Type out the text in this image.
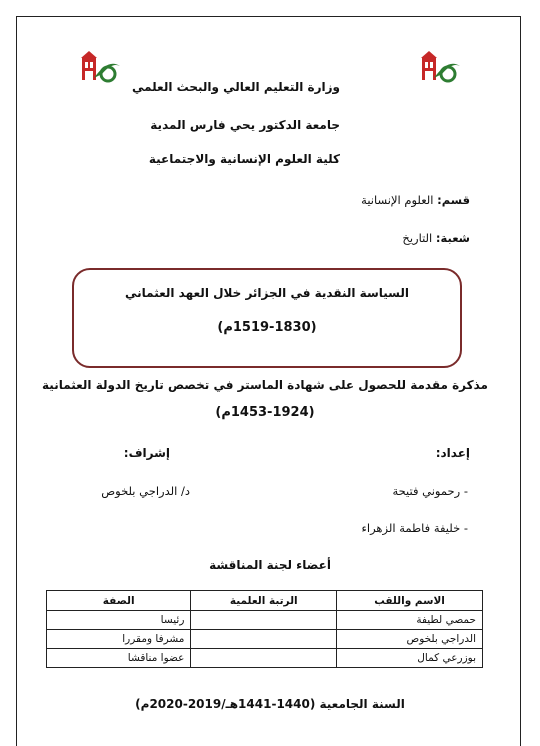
وزارة التعليم العالي والبحث العلمي
جامعة الدكتور يحي فارس المدية
كلية العلوم الإنسانية والاجتماعية
قسم: العلوم الإنسانية
شعبة: التاريخ
السياسة النقدية في الجزائر خلال العهد العثماني
(1519-1830م)
مذكرة مقدمة للحصول على شهادة الماستر في تخصص تاريخ الدولة العثمانية
(1453-1924م)
إعداد:
إشراف:
- رحموني فتيحة
- خليفة فاطمة الزهراء
د/ الدراجي بلخوص
أعضاء لجنة المناقشة
الاسم واللقب	الرتبة العلمية	الصفة
حمصي لطيفة		رئيسا
الدراجي بلخوص		مشرفا ومقررا
بوزرعي كمال		عضوا مناقشا
السنة الجامعية (1440-1441هـ/2019-2020م)
